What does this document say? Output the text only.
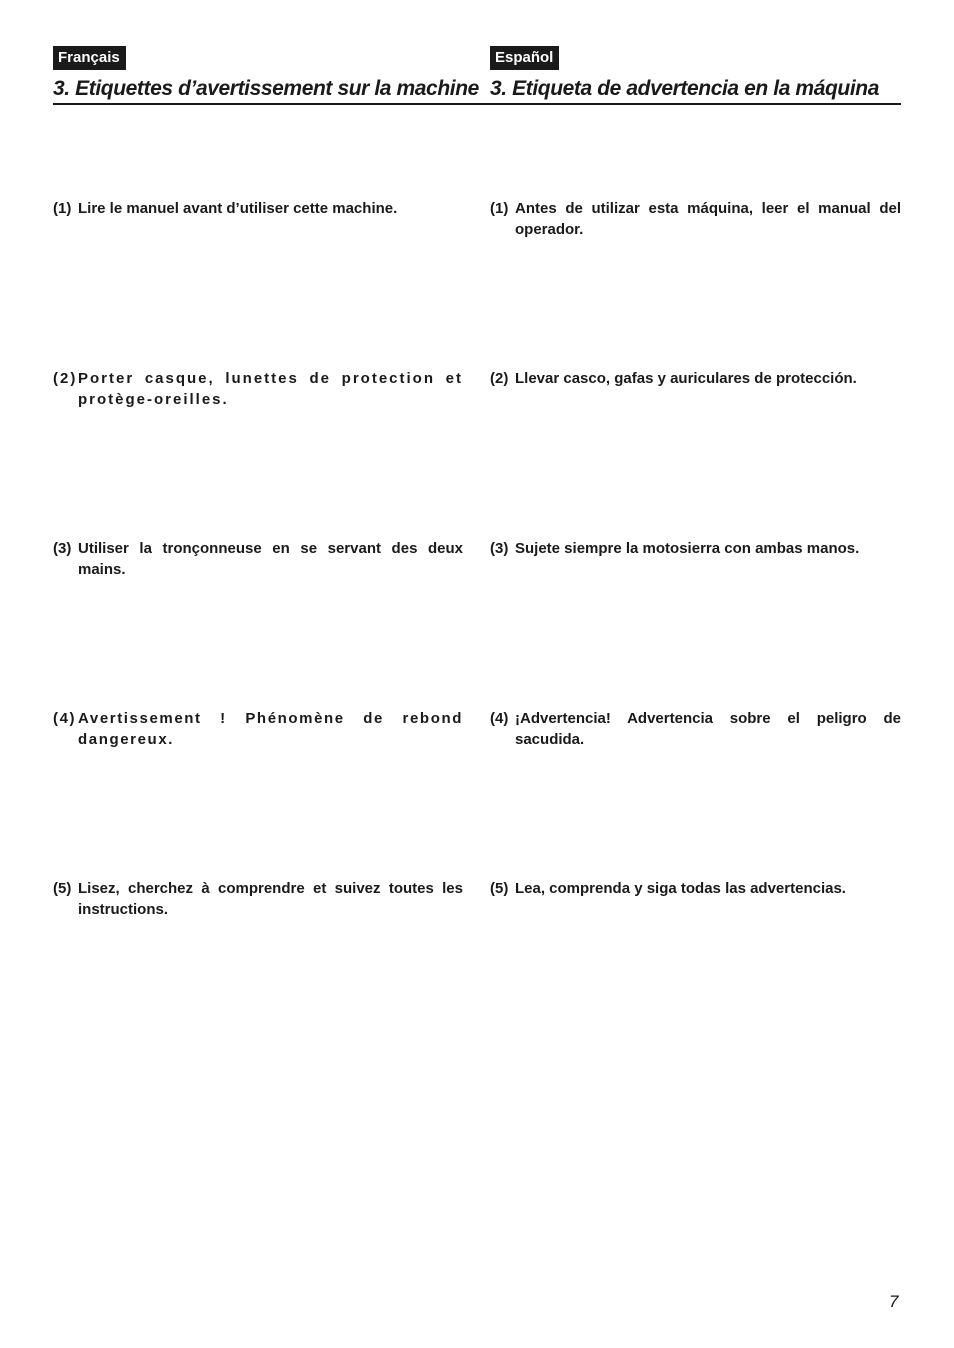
Français
3. Etiquettes d’avertissement sur la machine
(1) Lire le manuel avant d’utiliser cette machine.
(2) Porter casque, lunettes de protection et protège-oreilles.
(3) Utiliser la tronçonneuse en se servant des deux mains.
(4) Avertissement ! Phénomène de rebond dangereux.
(5) Lisez, cherchez à comprendre et suivez toutes les instructions.
Español
3. Etiqueta de advertencia en la máquina
(1) Antes de utilizar esta máquina, leer el manual del operador.
(2) Llevar casco, gafas y auriculares de protección.
(3) Sujete siempre la motosierra con ambas manos.
(4) ¡Advertencia! Advertencia sobre el peligro de sacudida.
(5) Lea, comprenda y siga todas las advertencias.
7
